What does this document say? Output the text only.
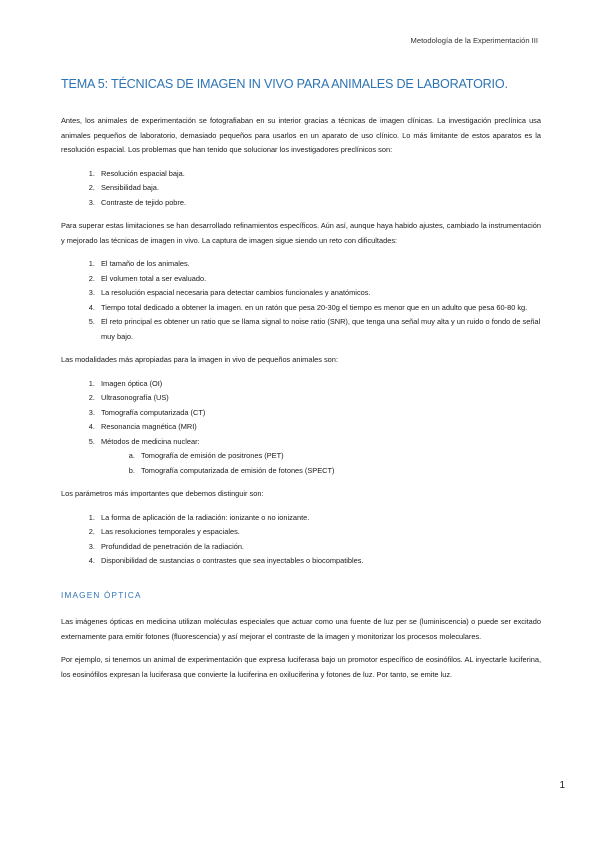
Metodología de la Experimentación III
TEMA 5: TÉCNICAS DE IMAGEN IN VIVO PARA ANIMALES DE LABORATORIO.

Antes, los animales de experimentación se fotografiaban en su interior gracias a técnicas de imagen clínicas. La investigación preclínica usa animales pequeños de laboratorio, demasiado pequeños para usarlos en un aparato de uso clínico. Lo más limitante de estos aparatos es la resolución espacial. Los problemas que han tenido que solucionar los investigadores preclínicos son:

1. Resolución espacial baja.
2. Sensibilidad baja.
3. Contraste de tejido pobre.

Para superar estas limitaciones se han desarrollado refinamientos específicos. Aún así, aunque haya habido ajustes, cambiado la instrumentación y mejorado las técnicas de imagen in vivo. La captura de imagen sigue siendo un reto con dificultades:

1. El tamaño de los animales.
2. El volumen total a ser evaluado.
3. La resolución espacial necesaria para detectar cambios funcionales y anatómicos.
4. Tiempo total dedicado a obtener la imagen. en un ratón que pesa 20-30g el tiempo es menor que en un adulto que pesa 60-80 kg.
5. El reto principal es obtener un ratio que se llama signal to noise ratio (SNR), que tenga una señal muy alta y un ruido o fondo de señal muy bajo.

Las modalidades más apropiadas para la imagen in vivo de pequeños animales son:

1. Imagen óptica (OI)
2. Ultrasonografía (US)
3. Tomografía computarizada (CT)
4. Resonancia magnética (MRI)
5. Métodos de medicina nuclear:
a. Tomografía de emisión de positrones (PET)
b. Tomografía computarizada de emisión de fotones (SPECT)

Los parámetros más importantes que debemos distinguir son:

1. La forma de aplicación de la radiación: ionizante o no ionizante.
2. Las resoluciones temporales y espaciales.
3. Profundidad de penetración de la radiación.
4. Disponibilidad de sustancias o contrastes que sea inyectables o biocompatibles.
IMAGEN ÓPTICA

Las imágenes ópticas en medicina utilizan moléculas especiales que actuar como una fuente de luz per se (luminiscencia) o puede ser excitado externamente para emitir fotones (fluorescencia) y así mejorar el contraste de la imagen y monitorizar los procesos moleculares.

Por ejemplo, si tenemos un animal de experimentación que expresa luciferasa bajo un promotor específico de eosinófilos. AL inyectarle luciferina, los eosinófilos expresan la luciferasa que convierte la luciferina en oxiluciferina y fotones de luz. Por tanto, se emite luz.

1
